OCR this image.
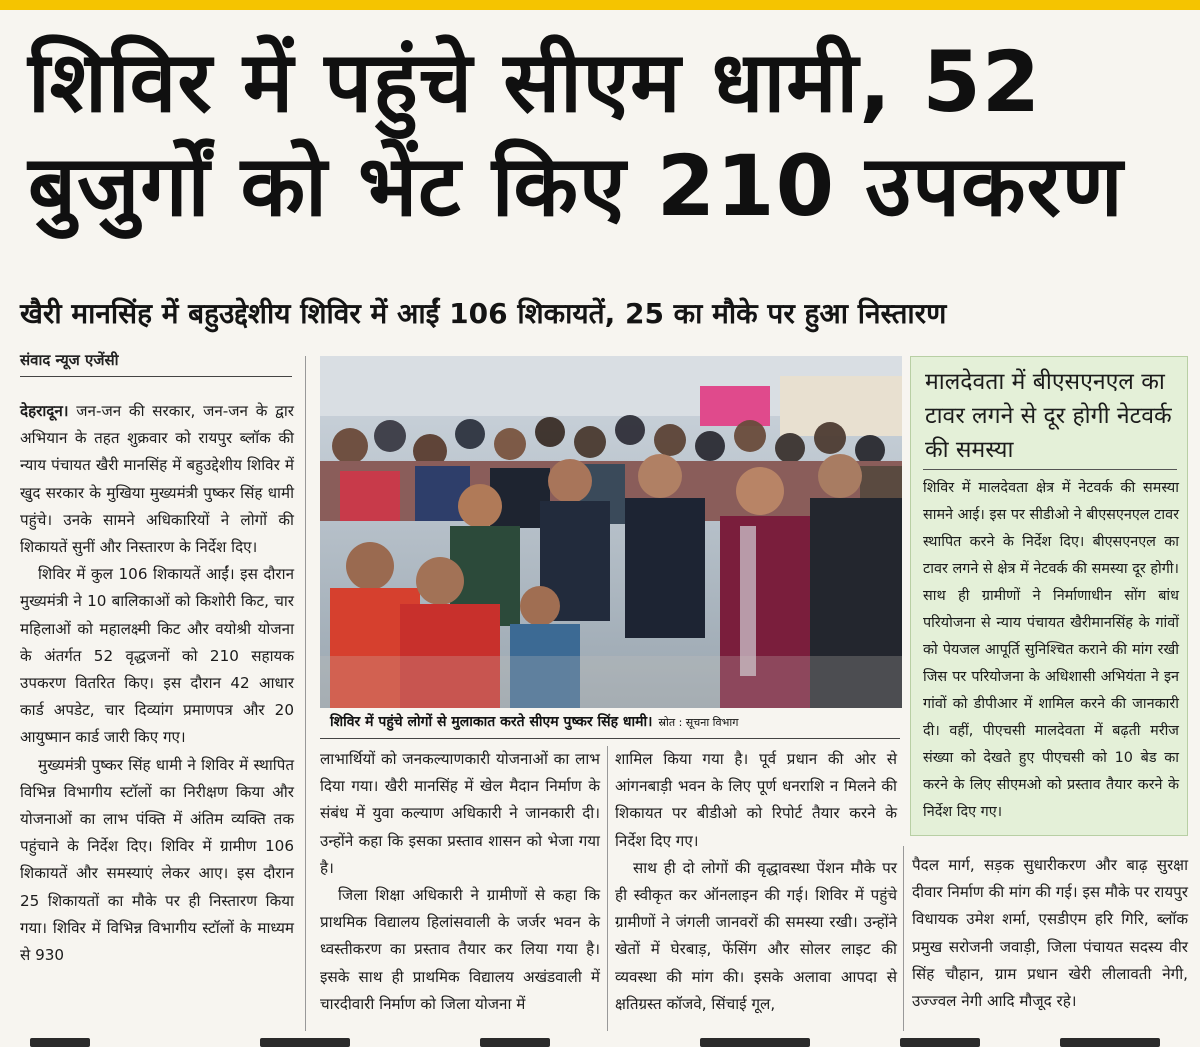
शिविर में पहुंचे सीएम धामी, 52
बुजुर्गों को भेंट किए 210 उपकरण
खैरी मानसिंह में बहुउद्देशीय शिविर में आईं 106 शिकायतें, 25 का मौके पर हुआ निस्तारण
संवाद न्यूज एजेंसी

देहरादून। जन-जन की सरकार, जन-जन के द्वार अभियान के तहत शुक्रवार को रायपुर ब्लॉक की न्याय पंचायत खैरी मानसिंह में बहुउद्देशीय शिविर में खुद सरकार के मुखिया मुख्यमंत्री पुष्कर सिंह धामी पहुंचे। उनके सामने अधिकारियों ने लोगों की शिकायतें सुनीं और निस्तारण के निर्देश दिए।

शिविर में कुल 106 शिकायतें आईं। इस दौरान मुख्यमंत्री ने 10 बालिकाओं को किशोरी किट, चार महिलाओं को महालक्ष्मी किट और वयोश्री योजना के अंतर्गत 52 वृद्धजनों को 210 सहायक उपकरण वितरित किए। इस दौरान 42 आधार कार्ड अपडेट, चार दिव्यांग प्रमाणपत्र और 20 आयुष्मान कार्ड जारी किए गए।

मुख्यमंत्री पुष्कर सिंह धामी ने शिविर में स्थापित विभिन्न विभागीय स्टॉलों का निरीक्षण किया और योजनाओं का लाभ पंक्ति में अंतिम व्यक्ति तक पहुंचाने के निर्देश दिए। शिविर में ग्रामीण 106 शिकायतें और समस्याएं लेकर आए। इस दौरान 25 शिकायतों का मौके पर ही निस्तारण किया गया। शिविर में विभिन्न विभागीय स्टॉलों के माध्यम से 930

शिविर में पहुंचे लोगों से मुलाकात करते सीएम पुष्कर सिंह धामी। स्रोत : सूचना विभाग

लाभार्थियों को जनकल्याणकारी योजनाओं का लाभ दिया गया। खैरी मानसिंह में खेल मैदान निर्माण के संबंध में युवा कल्याण अधिकारी ने जानकारी दी। उन्होंने कहा कि इसका प्रस्ताव शासन को भेजा गया है।

जिला शिक्षा अधिकारी ने ग्रामीणों से कहा कि प्राथमिक विद्यालय हिलांसवाली के जर्जर भवन के ध्वस्तीकरण का प्रस्ताव तैयार कर लिया गया है। इसके साथ ही प्राथमिक विद्यालय अखंडवाली में चारदीवारी निर्माण को जिला योजना में

शामिल किया गया है। पूर्व प्रधान की ओर से आंगनबाड़ी भवन के लिए पूर्ण धनराशि न मिलने की शिकायत पर बीडीओ को रिपोर्ट तैयार करने के निर्देश दिए गए।

साथ ही दो लोगों की वृद्धावस्था पेंशन मौके पर ही स्वीकृत कर ऑनलाइन की गई। शिविर में पहुंचे ग्रामीणों ने जंगली जानवरों की समस्या रखी। उन्होंने खेतों में घेरबाड़, फेंसिंग और सोलर लाइट की व्यवस्था की मांग की। इसके अलावा आपदा से क्षतिग्रस्त कॉजवे, सिंचाई गूल,

मालदेवता में बीएसएनएल का टावर लगने से दूर होगी नेटवर्क की समस्या
शिविर में मालदेवता क्षेत्र में नेटवर्क की समस्या सामने आई। इस पर सीडीओ ने बीएसएनएल टावर स्थापित करने के निर्देश दिए। बीएसएनएल का टावर लगने से क्षेत्र में नेटवर्क की समस्या दूर होगी। साथ ही ग्रामीणों ने निर्माणाधीन सोंग बांध परियोजना से न्याय पंचायत खैरीमानसिंह के गांवों को पेयजल आपूर्ति सुनिश्चित कराने की मांग रखी जिस पर परियोजना के अधिशासी अभियंता ने इन गांवों को डीपीआर में शामिल करने की जानकारी दी। वहीं, पीएचसी मालदेवता में बढ़ती मरीज संख्या को देखते हुए पीएचसी को 10 बेड का करने के लिए सीएमओ को प्रस्ताव तैयार करने के निर्देश दिए गए।

पैदल मार्ग, सड़क सुधारीकरण और बाढ़ सुरक्षा दीवार निर्माण की मांग की गई। इस मौके पर रायपुर विधायक उमेश शर्मा, एसडीएम हरि गिरि, ब्लॉक प्रमुख सरोजनी जवाड़ी, जिला पंचायत सदस्य वीर सिंह चौहान, ग्राम प्रधान खेरी लीलावती नेगी, उज्ज्वल नेगी आदि मौजूद रहे।
